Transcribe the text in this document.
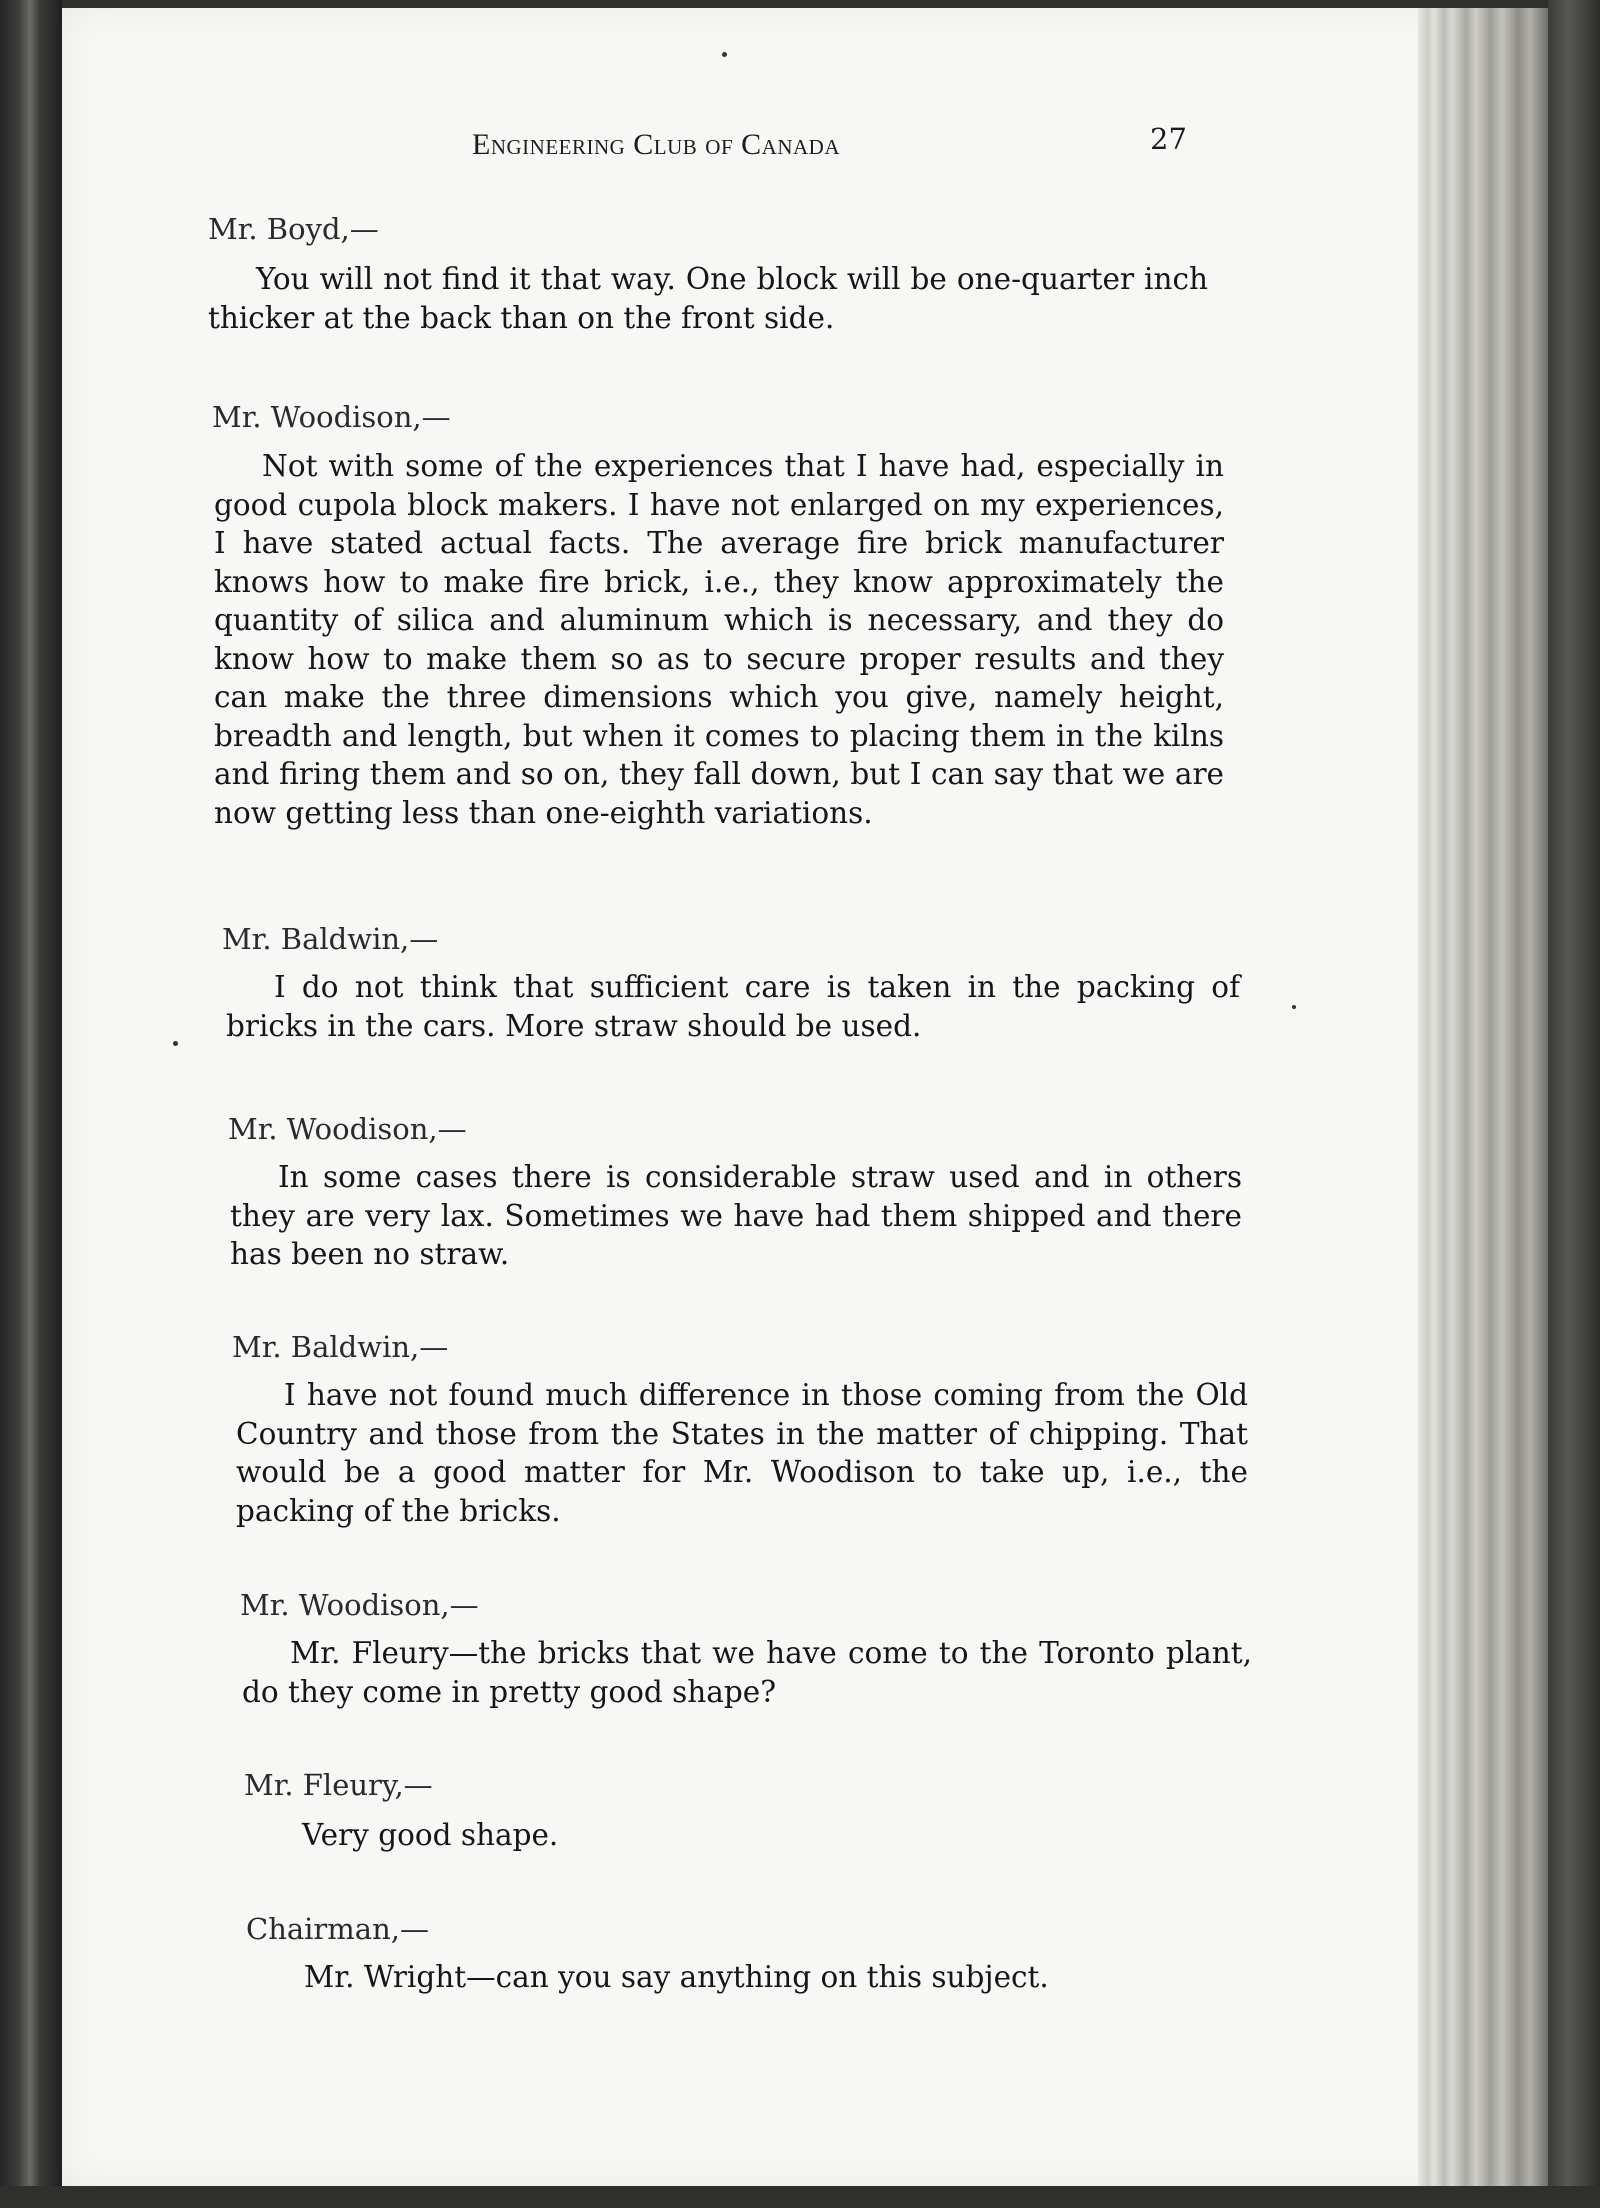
Engineering Club of Canada	27
Mr. Boyd,—
You will not find it that way. One block will be one-quarter inch thicker at the back than on the front side.
Mr. Woodison,—
Not with some of the experiences that I have had, especially in good cupola block makers. I have not enlarged on my experiences, I have stated actual facts. The average fire brick manufacturer knows how to make fire brick, i.e., they know approximately the quantity of silica and aluminum which is necessary, and they do know how to make them so as to secure proper results and they can make the three dimensions which you give, namely height, breadth and length, but when it comes to placing them in the kilns and firing them and so on, they fall down, but I can say that we are now getting less than one-eighth variations.
Mr. Baldwin,—
I do not think that sufficient care is taken in the packing of bricks in the cars. More straw should be used.
Mr. Woodison,—
In some cases there is considerable straw used and in others they are very lax. Sometimes we have had them shipped and there has been no straw.
Mr. Baldwin,—
I have not found much difference in those coming from the Old Country and those from the States in the matter of chipping. That would be a good matter for Mr. Woodison to take up, i.e., the packing of the bricks.
Mr. Woodison,—
Mr. Fleury—the bricks that we have come to the Toronto plant, do they come in pretty good shape?
Mr. Fleury,—
Very good shape.
Chairman,—
Mr. Wright—can you say anything on this subject.
